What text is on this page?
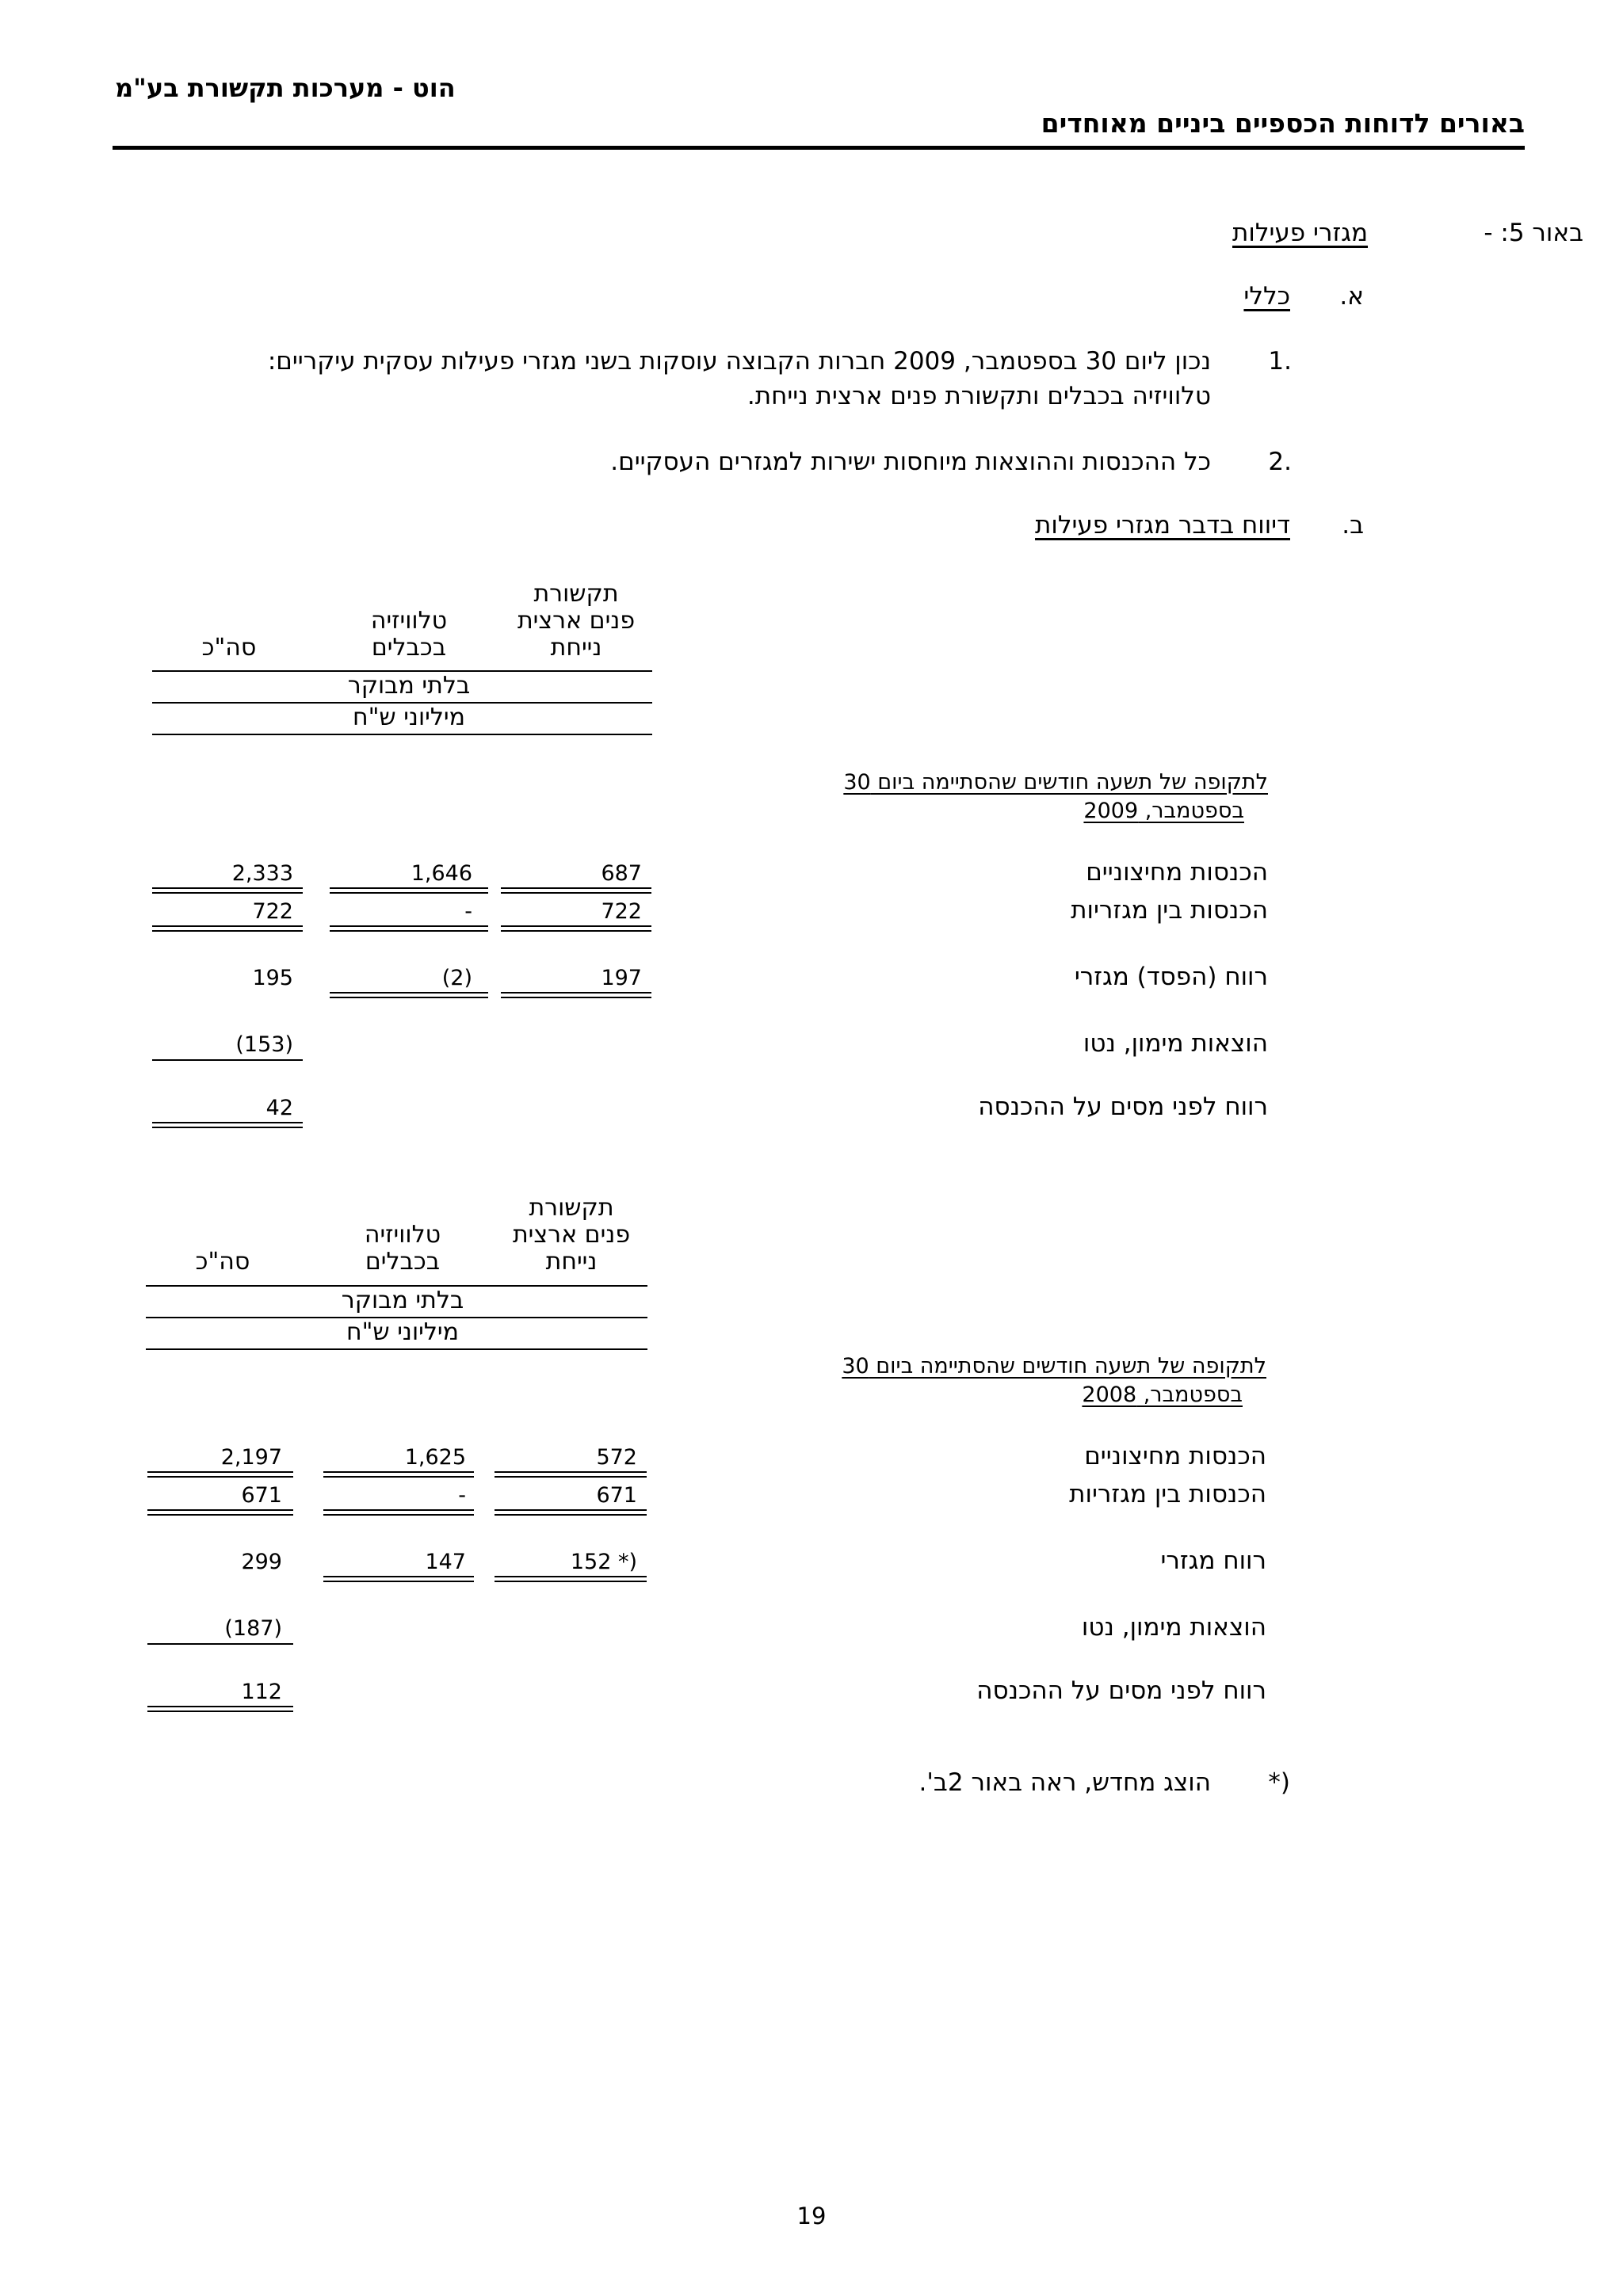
הוט - מערכות תקשורת בע"מ
באורים לדוחות הכספיים ביניים מאוחדים
באור 5: -
מגזרי פעילות
א.
כללי
.1
נכון ליום 30 בספטמבר, 2009 חברות הקבוצה עוסקות בשני מגזרי פעילות עסקית עיקריים:
טלוויזיה בכבלים ותקשורת פנים ארצית נייחת.
.2
כל ההכנסות וההוצאות מיוחסות ישירות למגזרים העסקיים.
ב.
דיווח בדבר מגזרי פעילות
תקשורת
פנים ארצית
נייחת
טלוויזיה
בכבלים
סה"כ
בלתי מבוקר
מיליוני ש"ח
לתקופה של תשעה חודשים שהסתיימה ביום 30
בספטמבר, 2009
הכנסות מחיצוניים
687
1,646
2,333
הכנסות בין מגזריות
722
-
722
רווח (הפסד) מגזרי
197
(2)
195
הוצאות מימון, נטו
(153)
רווח לפני מסים על ההכנסה
42
תקשורת
פנים ארצית
נייחת
טלוויזיה
בכבלים
סה"כ
בלתי מבוקר
מיליוני ש"ח
לתקופה של תשעה חודשים שהסתיימה ביום 30
בספטמבר, 2008
הכנסות מחיצוניים
572
1,625
2,197
הכנסות בין מגזריות
671
-
671
רווח מגזרי
152 *)
147
299
הוצאות מימון, נטו
(187)
רווח לפני מסים על ההכנסה
112
*)
הוצג מחדש, ראה באור 2ב'.
19
